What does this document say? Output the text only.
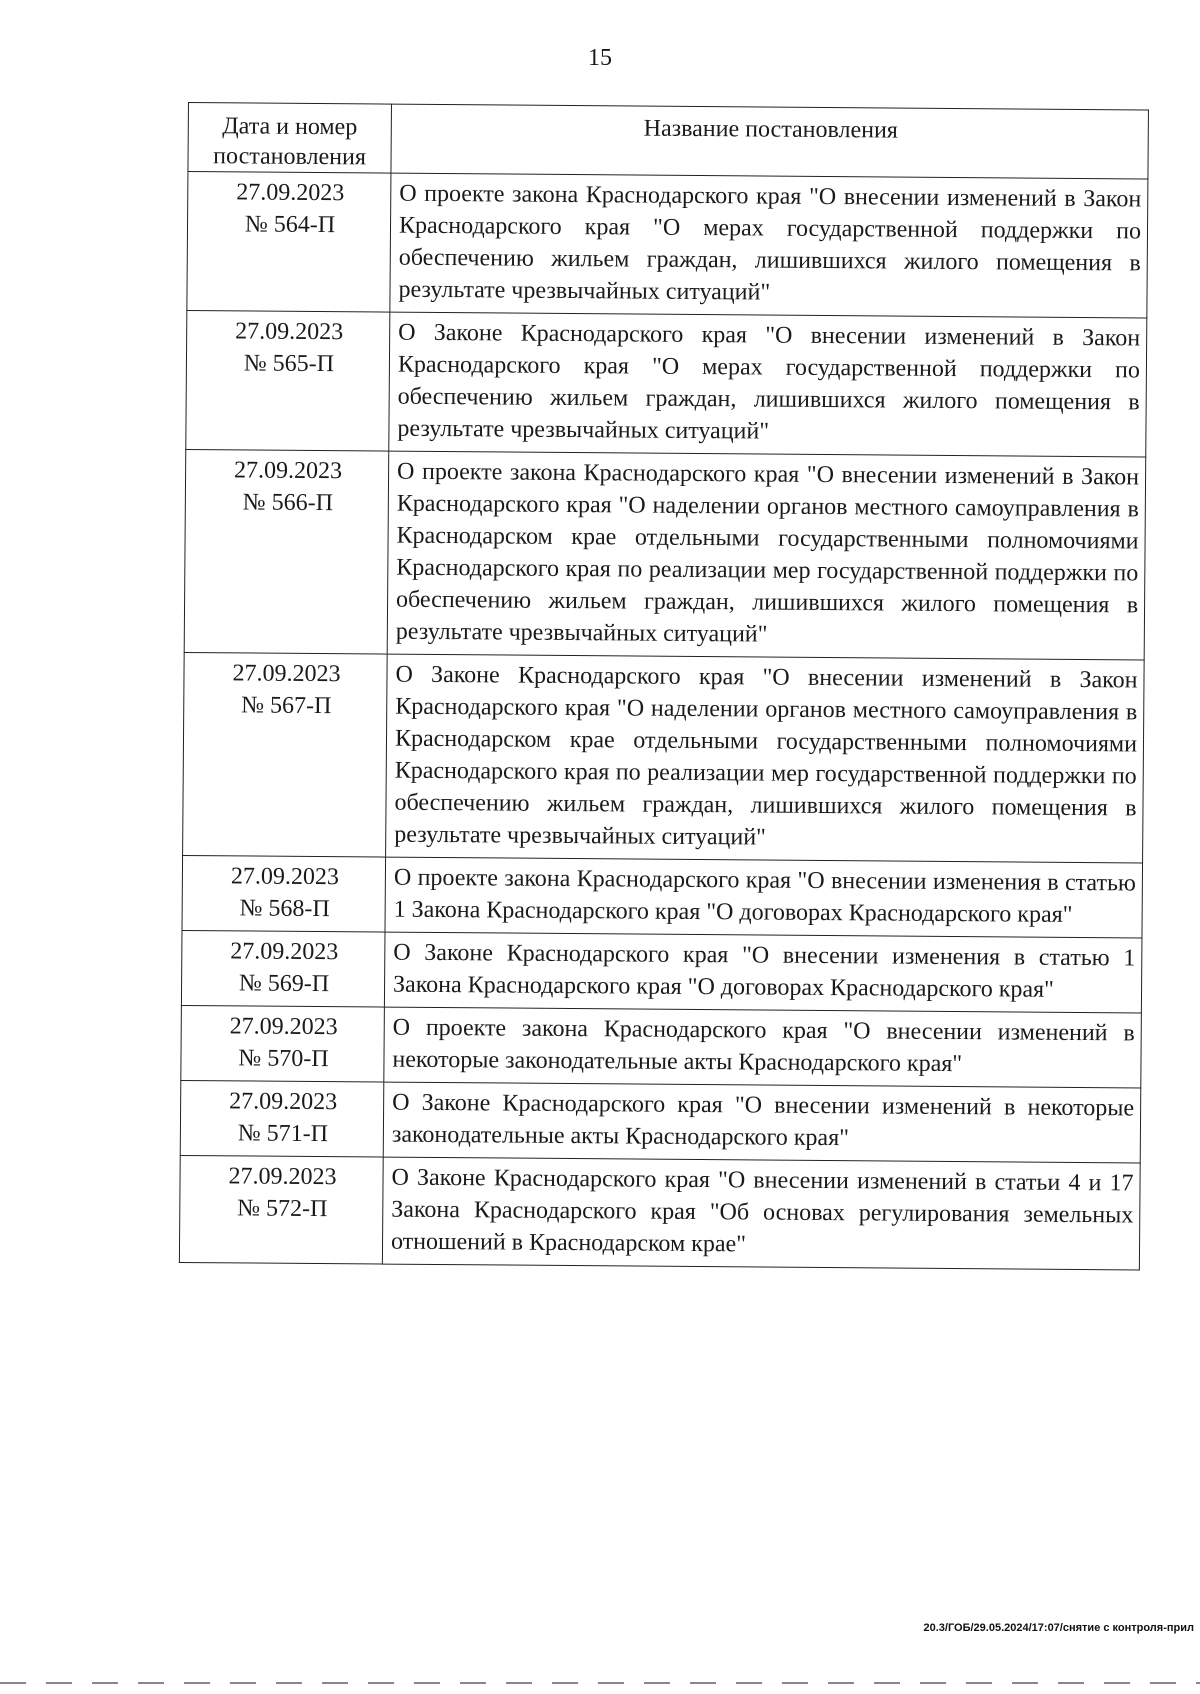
15
Дата и номер постановления	Название постановления

27.09.2023
№ 564-П	О проекте закона Краснодарского края "О внесении изменений в Закон Краснодарского края "О мерах государственной поддержки по обеспечению жильем граждан, лишившихся жилого помещения в результате чрезвычайных ситуаций"

27.09.2023
№ 565-П	О Законе Краснодарского края "О внесении изменений в Закон Краснодарского края "О мерах государственной поддержки по обеспечению жильем граждан, лишившихся жилого помещения в результате чрезвычайных ситуаций"

27.09.2023
№ 566-П	О проекте закона Краснодарского края "О внесении изменений в Закон Краснодарского края "О наделении органов местного самоуправления в Краснодарском крае отдельными государственными полномочиями Краснодарского края по реализации мер государственной поддержки по обеспечению жильем граждан, лишившихся жилого помещения в результате чрезвычайных ситуаций"

27.09.2023
№ 567-П	О Законе Краснодарского края "О внесении изменений в Закон Краснодарского края "О наделении органов местного самоуправления в Краснодарском крае отдельными государственными полномочиями Краснодарского края по реализации мер государственной поддержки по обеспечению жильем граждан, лишившихся жилого помещения в результате чрезвычайных ситуаций"

27.09.2023
№ 568-П	О проекте закона Краснодарского края "О внесении изменения в статью 1 Закона Краснодарского края "О договорах Краснодарского края"

27.09.2023
№ 569-П	О Законе Краснодарского края "О внесении изменения в статью 1 Закона Краснодарского края "О договорах Краснодарского края"

27.09.2023
№ 570-П	О проекте закона Краснодарского края "О внесении изменений в некоторые законодательные акты Краснодарского края"

27.09.2023
№ 571-П	О Законе Краснодарского края "О внесении изменений в некоторые законодательные акты Краснодарского края"

27.09.2023
№ 572-П	О Законе Краснодарского края "О внесении изменений в статьи 4 и 17 Закона Краснодарского края "Об основах регулирования земельных отношений в Краснодарском крае"
20.3/ГОБ/29.05.2024/17:07/снятие с контроля-прил
